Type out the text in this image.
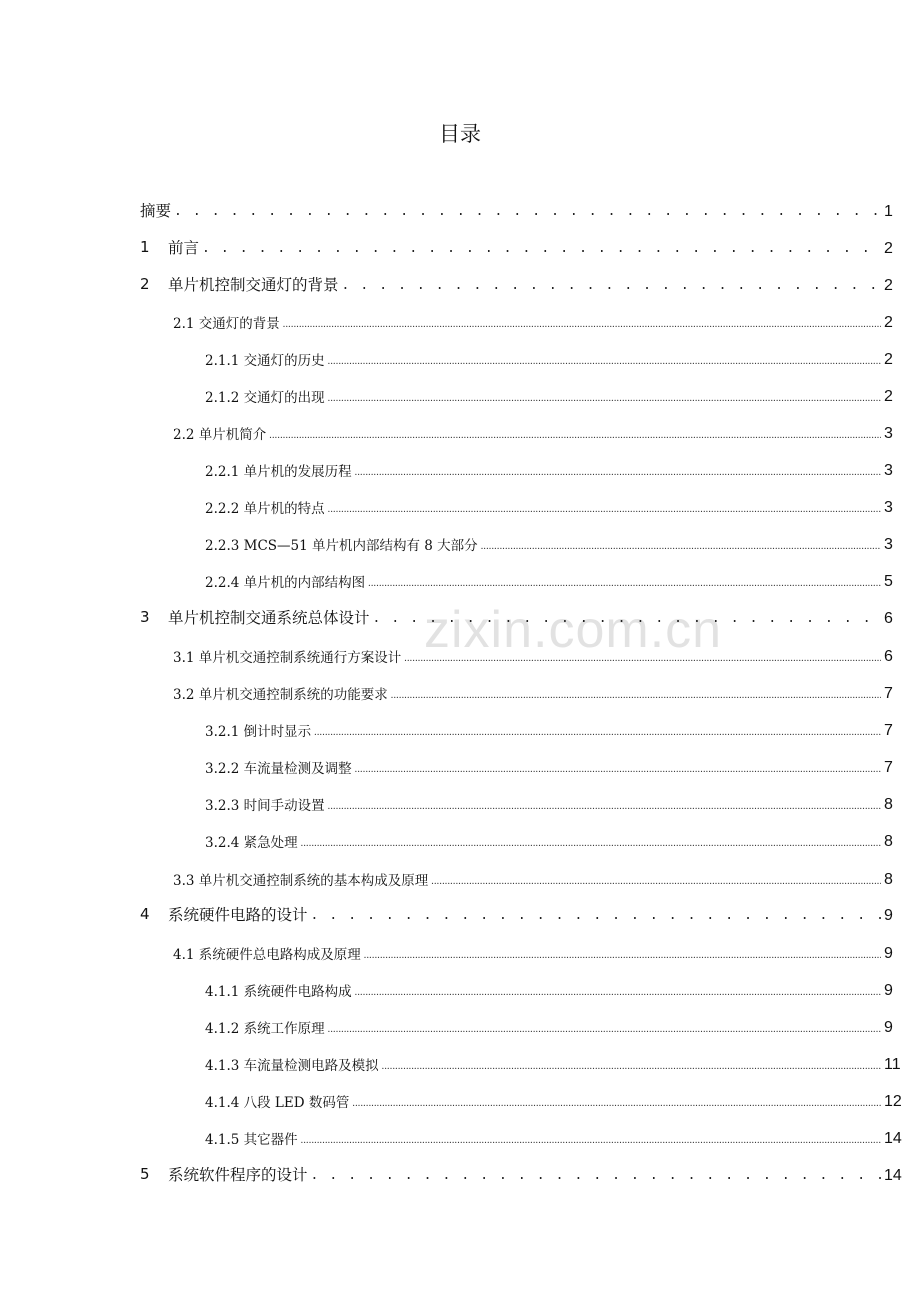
目录
zixin.com.cn
摘要 . . .	1
1 前言 . . .	2
2 单片机控制交通灯的背景 . . .	2
2.1 交通灯的背景 .....	2
2.1.1 交通灯的历史 .....	2
2.1.2 交通灯的出现 .....	2
2.2 单片机简介 .....	3
2.2.1 单片机的发展历程 .....	3
2.2.2 单片机的特点 .....	3
2.2.3 MCS—51 单片机内部结构有 8 大部分 .....	3
2.2.4 单片机的内部结构图 .....	5
3 单片机控制交通系统总体设计 . . .	6
3.1 单片机交通控制系统通行方案设计 .....	6
3.2 单片机交通控制系统的功能要求 .....	7
3.2.1 倒计时显示 .....	7
3.2.2 车流量检测及调整 .....	7
3.2.3 时间手动设置 .....	8
3.2.4 紧急处理 .....	8
3.3 单片机交通控制系统的基本构成及原理 .....	8
4 系统硬件电路的设计 . . .	9
4.1 系统硬件总电路构成及原理 .....	9
4.1.1 系统硬件电路构成 .....	9
4.1.2 系统工作原理 .....	9
4.1.3 车流量检测电路及模拟 .....	11
4.1.4 八段 LED 数码管 .....	12
4.1.5 其它器件 .....	14
5 系统软件程序的设计 . . .	14
